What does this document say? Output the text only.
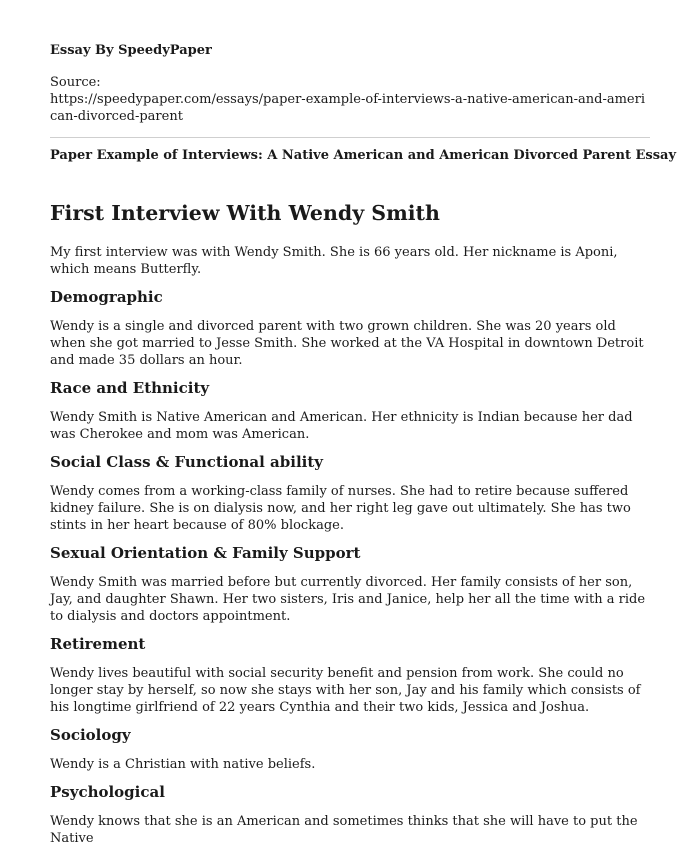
Essay By SpeedyPaper
Source:
https://speedypaper.com/essays/paper-example-of-interviews-a-native-american-and-american-divorced-parent
Paper Example of Interviews: A Native American and American Divorced Parent Essay
First Interview With Wendy Smith

My first interview was with Wendy Smith. She is 66 years old. Her nickname is Aponi, which means Butterfly.

Demographic

Wendy is a single and divorced parent with two grown children. She was 20 years old when she got married to Jesse Smith. She worked at the VA Hospital in downtown Detroit and made 35 dollars an hour.

Race and Ethnicity

Wendy Smith is Native American and American. Her ethnicity is Indian because her dad was Cherokee and mom was American.

Social Class & Functional ability

Wendy comes from a working-class family of nurses. She had to retire because suffered kidney failure. She is on dialysis now, and her right leg gave out ultimately. She has two stints in her heart because of 80% blockage.

Sexual Orientation & Family Support

Wendy Smith was married before but currently divorced. Her family consists of her son, Jay, and daughter Shawn. Her two sisters, Iris and Janice, help her all the time with a ride to dialysis and doctors appointment.

Retirement

Wendy lives beautiful with social security benefit and pension from work. She could no longer stay by herself, so now she stays with her son, Jay and his family which consists of his longtime girlfriend of 22 years Cynthia and their two kids, Jessica and Joshua.

Sociology

Wendy is a Christian with native beliefs.

Psychological

Wendy knows that she is an American and sometimes thinks that she will have to put the Native
